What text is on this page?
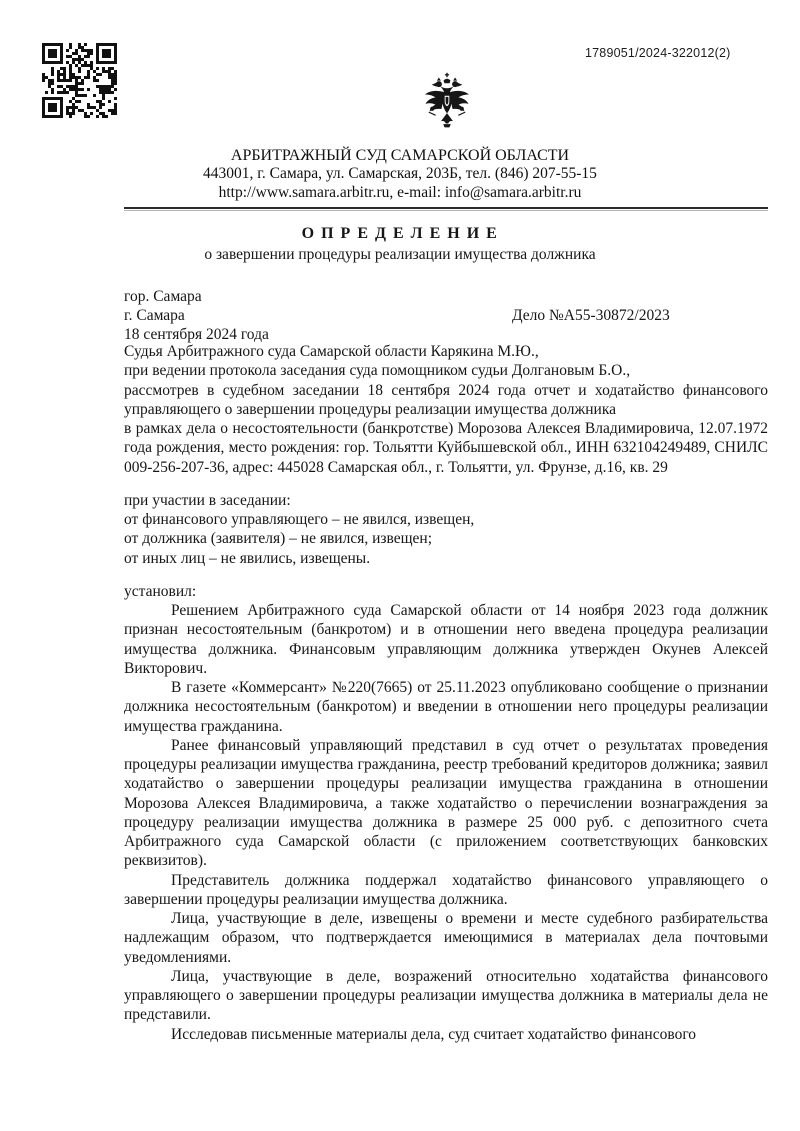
1789051/2024-322012(2)
АРБИТРАЖНЫЙ СУД САМАРСКОЙ ОБЛАСТИ
443001, г. Самара, ул. Самарская, 203Б, тел. (846) 207-55-15
http://www.samara.arbitr.ru, e-mail: info@samara.arbitr.ru
О П Р Е Д Е Л Е Н И Е
о завершении процедуры реализации имущества должника
гор. Самара
г. Самара	Дело №А55-30872/2023
18 сентября 2024 года

Судья Арбитражного суда Самарской области Карякина М.Ю.,

при ведении протокола заседания суда помощником судьи Долгановым Б.О.,

рассмотрев в судебном заседании 18 сентября 2024 года отчет и ходатайство финансового управляющего о завершении процедуры реализации имущества должника

в рамках дела о несостоятельности (банкротстве) Морозова Алексея Владимировича, 12.07.1972 года рождения, место рождения: гор. Тольятти Куйбышевской обл., ИНН 632104249489, СНИЛС 009-256-207-36, адрес: 445028 Самарская обл., г. Тольятти, ул. Фрунзе, д.16, кв. 29

при участии в заседании:

от финансового управляющего – не явился, извещен,

от должника (заявителя) – не явился, извещен;

от иных лиц – не явились, извещены.

установил:

Решением Арбитражного суда Самарской области от 14 ноября 2023 года должник признан несостоятельным (банкротом) и в отношении него введена процедура реализации имущества должника. Финансовым управляющим должника утвержден Окунев Алексей Викторович.

В газете «Коммерсант» №220(7665) от 25.11.2023 опубликовано сообщение о признании должника несостоятельным (банкротом) и введении в отношении него процедуры реализации имущества гражданина.

Ранее финансовый управляющий представил в суд отчет о результатах проведения процедуры реализации имущества гражданина, реестр требований кредиторов должника; заявил ходатайство о завершении процедуры реализации имущества гражданина в отношении Морозова Алексея Владимировича, а также ходатайство о перечислении вознаграждения за процедуру реализации имущества должника в размере 25 000 руб. с депозитного счета Арбитражного суда Самарской области (с приложением соответствующих банковских реквизитов).

Представитель должника поддержал ходатайство финансового управляющего о завершении процедуры реализации имущества должника.

Лица, участвующие в деле, извещены о времени и месте судебного разбирательства надлежащим образом, что подтверждается имеющимися в материалах дела почтовыми уведомлениями.

Лица, участвующие в деле, возражений относительно ходатайства финансового управляющего о завершении процедуры реализации имущества должника в материалы дела не представили.

Исследовав письменные материалы дела, суд считает ходатайство финансового
